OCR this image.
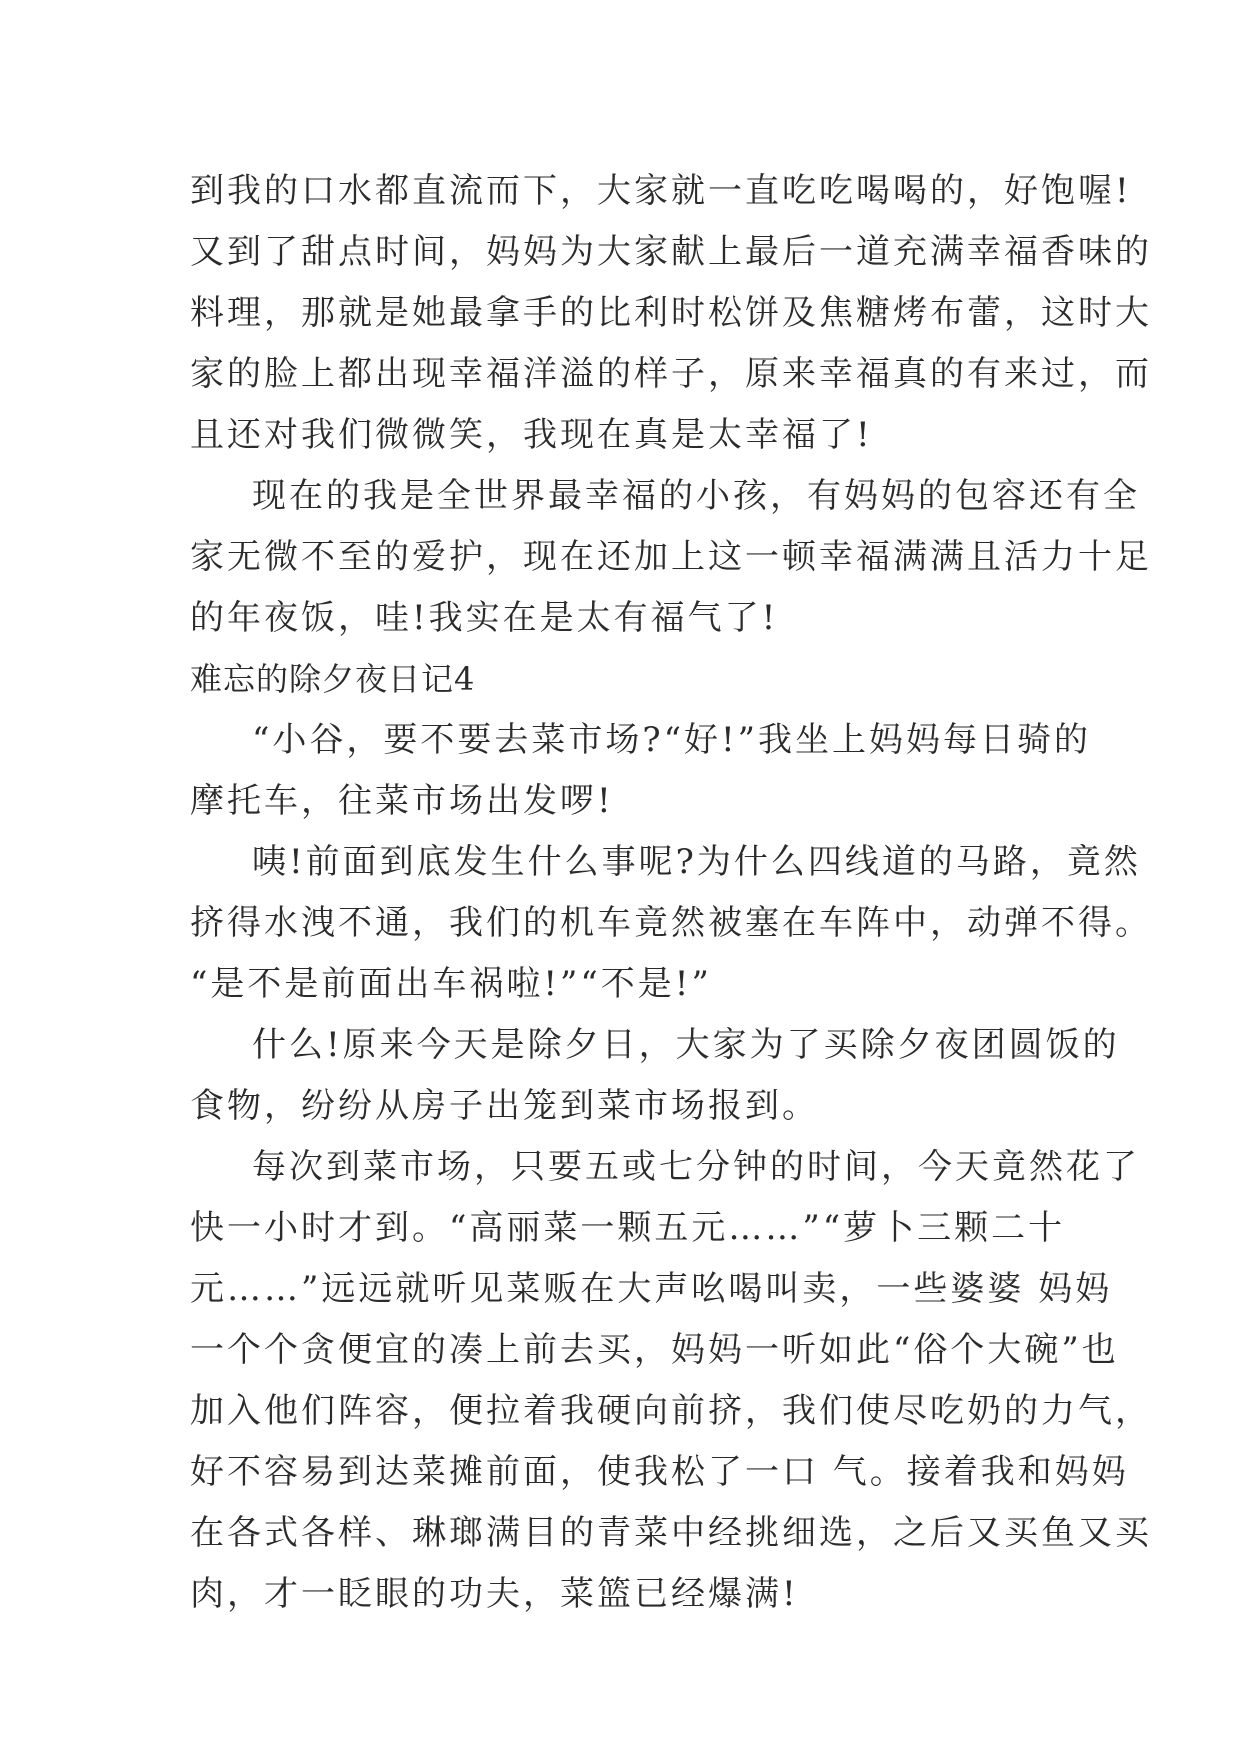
到我的口水都直流而下，大家就一直吃吃喝喝的，好饱喔!
又到了甜点时间，妈妈为大家献上最后一道充满幸福香味的
料理，那就是她最拿手的比利时松饼及焦糖烤布蕾，这时大
家的脸上都出现幸福洋溢的样子，原来幸福真的有来过，而
且还对我们微微笑，我现在真是太幸福了!
现在的我是全世界最幸福的小孩，有妈妈的包容还有全
家无微不至的爱护，现在还加上这一顿幸福满满且活力十足
的年夜饭，哇!我实在是太有福气了!
难忘的除夕夜日记4
“小谷，要不要去菜市场?“好!”我坐上妈妈每日骑的
摩托车，往菜市场出发啰!
咦!前面到底发生什么事呢?为什么四线道的马路，竟然
挤得水洩不通，我们的机车竟然被塞在车阵中，动弹不得。
“是不是前面出车祸啦!”“不是!”
什么!原来今天是除夕日，大家为了买除夕夜团圆饭的
食物，纷纷从房子出笼到菜市场报到。
每次到菜市场，只要五或七分钟的时间，今天竟然花了
快一小时才到。“高丽菜一颗五元……”“萝卜三颗二十
元……”远远就听见菜贩在大声吆喝叫卖，一些婆婆 妈妈
一个个贪便宜的凑上前去买，妈妈一听如此“俗个大碗”也
加入他们阵容，便拉着我硬向前挤，我们使尽吃奶的力气，
好不容易到达菜摊前面，使我松了一口 气。接着我和妈妈
在各式各样、琳瑯满目的青菜中经挑细选，之后又买鱼又买
肉，才一眨眼的功夫，菜篮已经爆满!
